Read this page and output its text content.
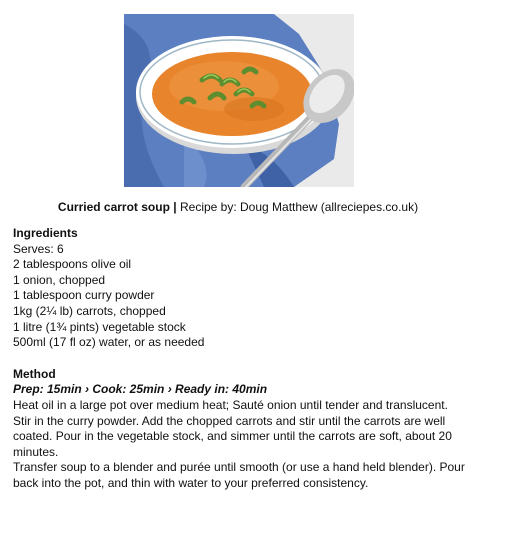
Curried carrot soup | Recipe by: Doug Matthew (allreciepes.co.uk)

Ingredients

Serves: 6

2 tablespoons olive oil

1 onion, chopped

1 tablespoon curry powder

1kg (2¼ lb) carrots, chopped

1 litre (1¾ pints) vegetable stock

500ml (17 fl oz) water, or as needed

Method

Prep: 15min › Cook: 25min › Ready in: 40min

Heat oil in a large pot over medium heat; Sauté onion until tender and translucent.

Stir in the curry powder. Add the chopped carrots and stir until the carrots are well coated. Pour in the vegetable stock, and simmer until the carrots are soft, about 20 minutes.

Transfer soup to a blender and purée until smooth (or use a hand held blender). Pour back into the pot, and thin with water to your preferred consistency.
